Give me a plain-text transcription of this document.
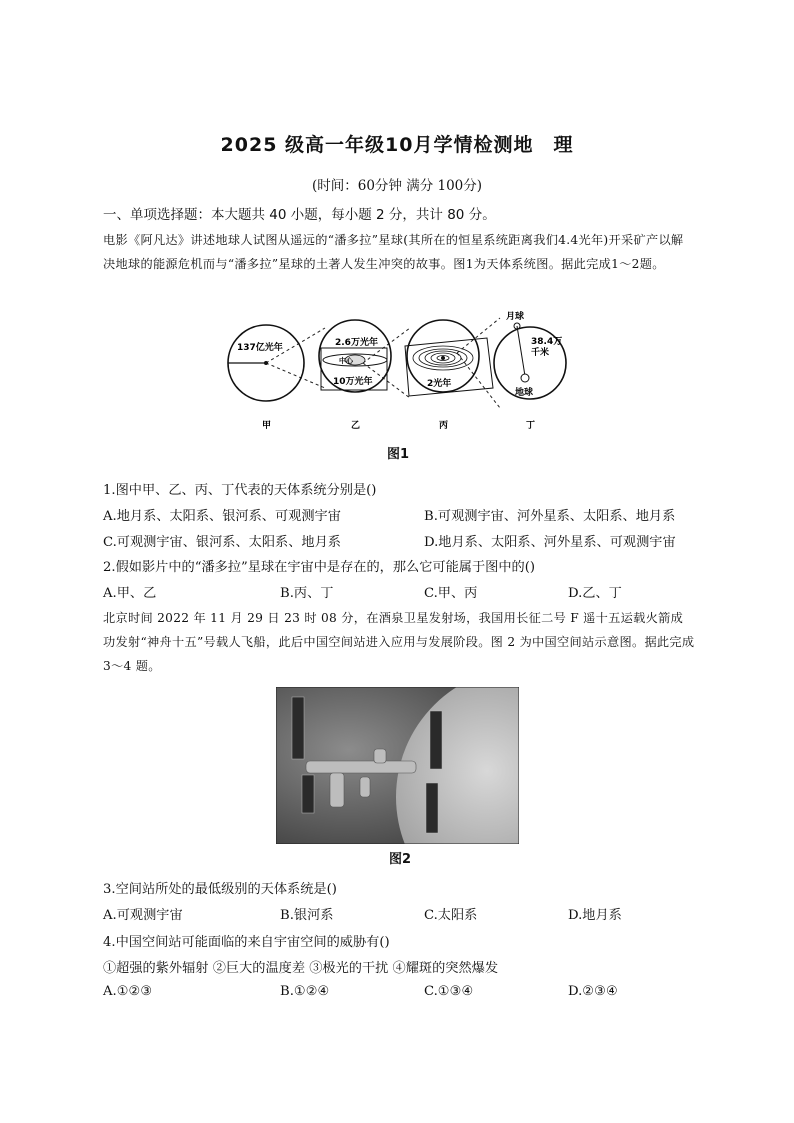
2025 级高一年级10月学情检测地　理
(时间：60分钟 满分 100分)
一、单项选择题：本大题共 40 小题，每小题 2 分，共计 80 分。
电影《阿凡达》讲述地球人试图从遥远的“潘多拉”星球(其所在的恒星系统距离我们4.4光年)开采矿产以解决地球的能源危机而与“潘多拉”星球的土著人发生冲突的故事。图1为天体系统图。据此完成1～2题。
137亿光年	2.6万光年
中心
10万光年	2光年
月球
38.4万
千米
地球
甲	乙	丙	丁
图1
1.图中甲、乙、丙、丁代表的天体系统分别是()
A.地月系、太阳系、银河系、可观测宇宙	B.可观测宇宙、河外星系、太阳系、地月系
C.可观测宇宙、银河系、太阳系、地月系	D.地月系、太阳系、河外星系、可观测宇宙
2.假如影片中的“潘多拉”星球在宇宙中是存在的，那么它可能属于图中的()
A.甲、乙	B.丙、丁	C.甲、丙	D.乙、丁
北京时间 2022 年 11 月 29 日 23 时 08 分，在酒泉卫星发射场，我国用长征二号 F 遥十五运载火箭成功发射“神舟十五”号载人飞船，此后中国空间站进入应用与发展阶段。图 2 为中国空间站示意图。据此完成 3～4 题。
图2
3.空间站所处的最低级别的天体系统是()
A.可观测宇宙	B.银河系	C.太阳系	D.地月系
4.中国空间站可能面临的来自宇宙空间的威胁有()
①超强的紫外辐射 ②巨大的温度差 ③极光的干扰 ④耀斑的突然爆发
A.①②③	B.①②④	C.①③④	D.②③④
